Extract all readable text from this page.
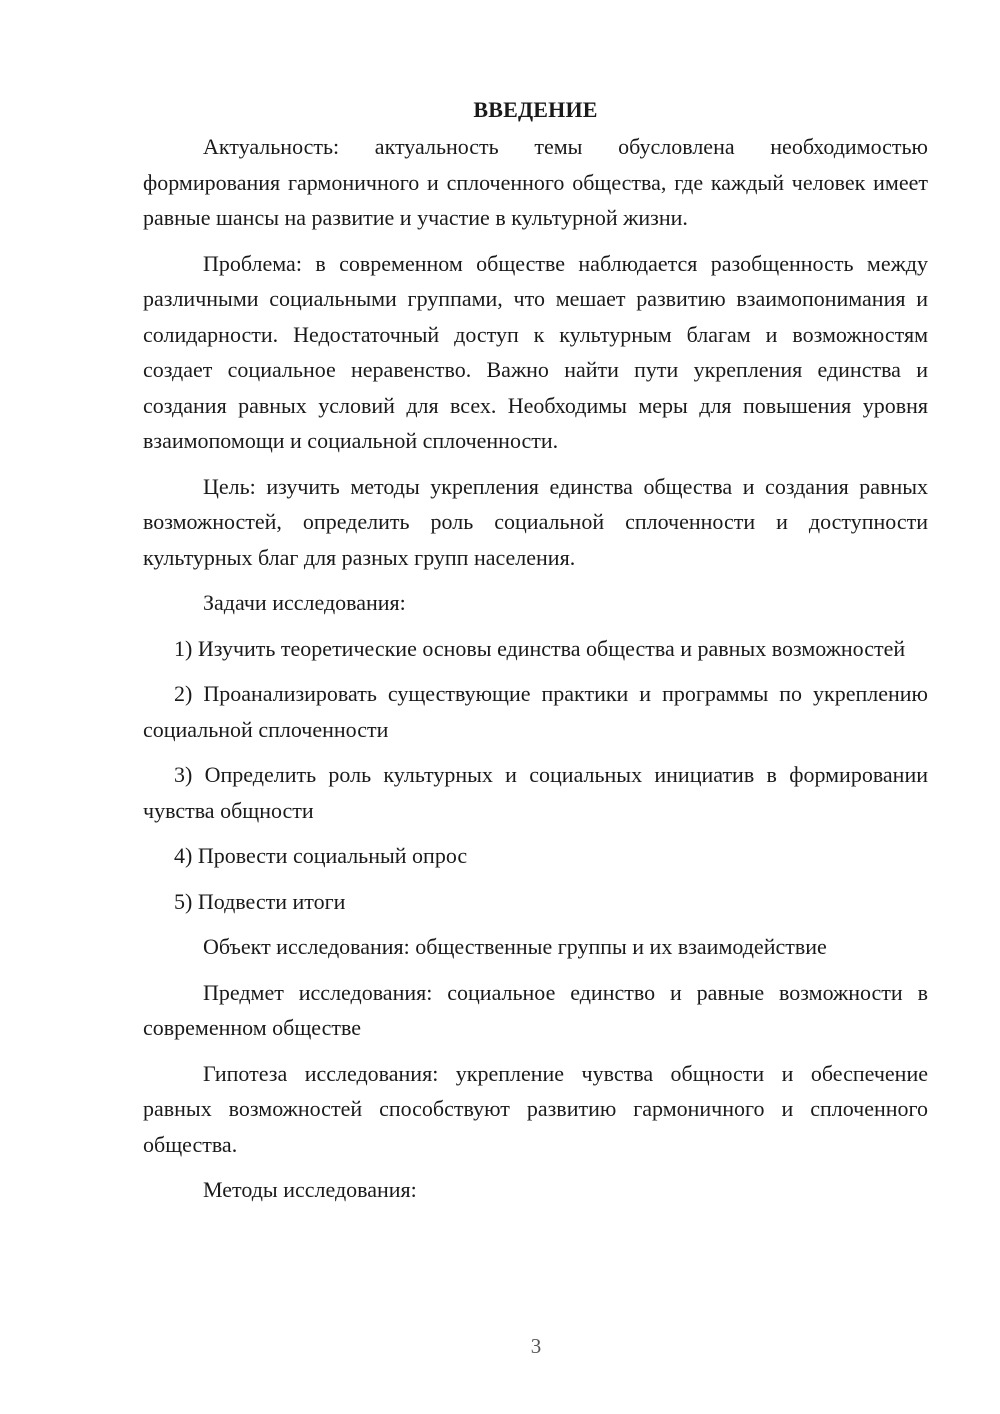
ВВЕДЕНИЕ

Актуальность: актуальность темы обусловлена необходимостью формирования гармоничного и сплоченного общества, где каждый человек имеет равные шансы на развитие и участие в культурной жизни.

Проблема: в современном обществе наблюдается разобщенность между различными социальными группами, что мешает развитию взаимопонимания и солидарности. Недостаточный доступ к культурным благам и возможностям создает социальное неравенство. Важно найти пути укрепления единства и создания равных условий для всех. Необходимы меры для повышения уровня взаимопомощи и социальной сплоченности.

Цель: изучить методы укрепления единства общества и создания равных возможностей, определить роль социальной сплоченности и доступности культурных благ для разных групп населения.

Задачи исследования:

1) Изучить теоретические основы единства общества и равных возможностей

2) Проанализировать существующие практики и программы по укреплению социальной сплоченности

3) Определить роль культурных и социальных инициатив в формировании чувства общности

4) Провести социальный опрос

5) Подвести итоги

Объект исследования: общественные группы и их взаимодействие

Предмет исследования: социальное единство и равные возможности в современном обществе

Гипотеза исследования: укрепление чувства общности и обеспечение равных возможностей способствуют развитию гармоничного и сплоченного общества.

Методы исследования:

3
